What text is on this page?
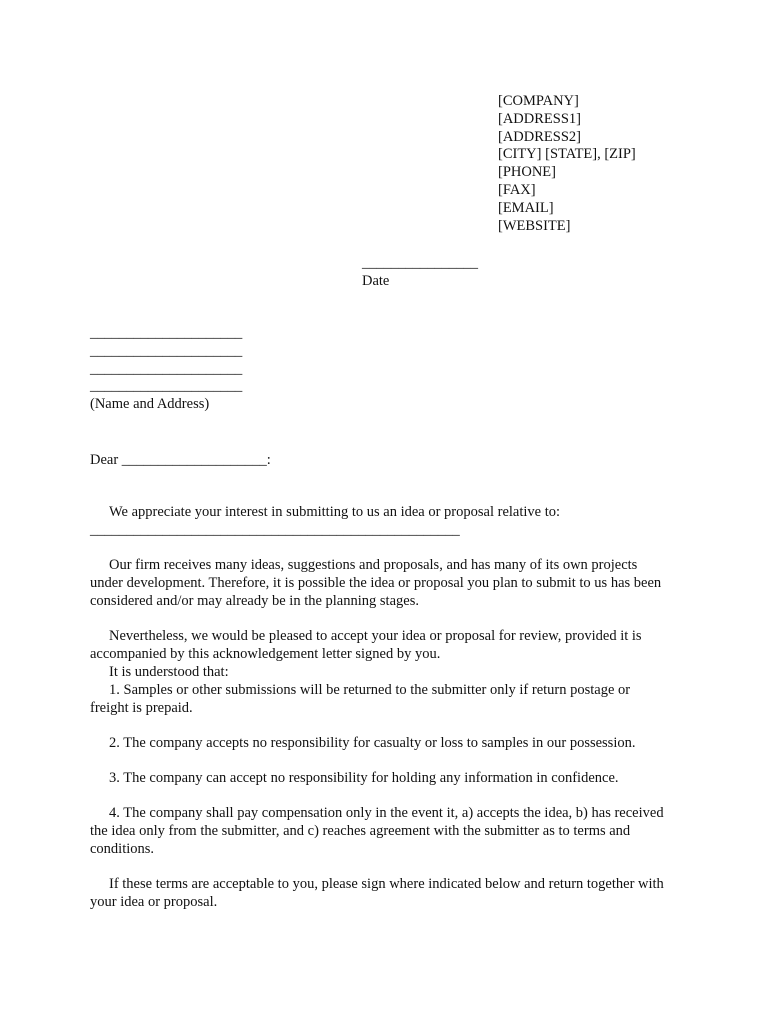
[COMPANY]
[ADDRESS1]
[ADDRESS2]
[CITY] [STATE], [ZIP]
[PHONE]
[FAX]
[EMAIL]
[WEBSITE]
________________
Date
_____________________
_____________________
_____________________
_____________________
(Name and Address)
Dear ____________________:
We appreciate your interest in submitting to us an idea or proposal relative to:
___________________________________________________
Our firm receives many ideas, suggestions and proposals, and has many of its own projects under development. Therefore, it is possible the idea or proposal you plan to submit to us has been considered and/or may already be in the planning stages.
Nevertheless, we would be pleased to accept your idea or proposal for review, provided it is accompanied by this acknowledgement letter signed by you.
It is understood that:
1. Samples or other submissions will be returned to the submitter only if return postage or freight is prepaid.
2. The company accepts no responsibility for casualty or loss to samples in our possession.
3. The company can accept no responsibility for holding any information in confidence.
4. The company shall pay compensation only in the event it, a) accepts the idea, b) has received the idea only from the submitter, and c) reaches agreement with the submitter as to terms and conditions.
If these terms are acceptable to you, please sign where indicated below and return together with your idea or proposal.
